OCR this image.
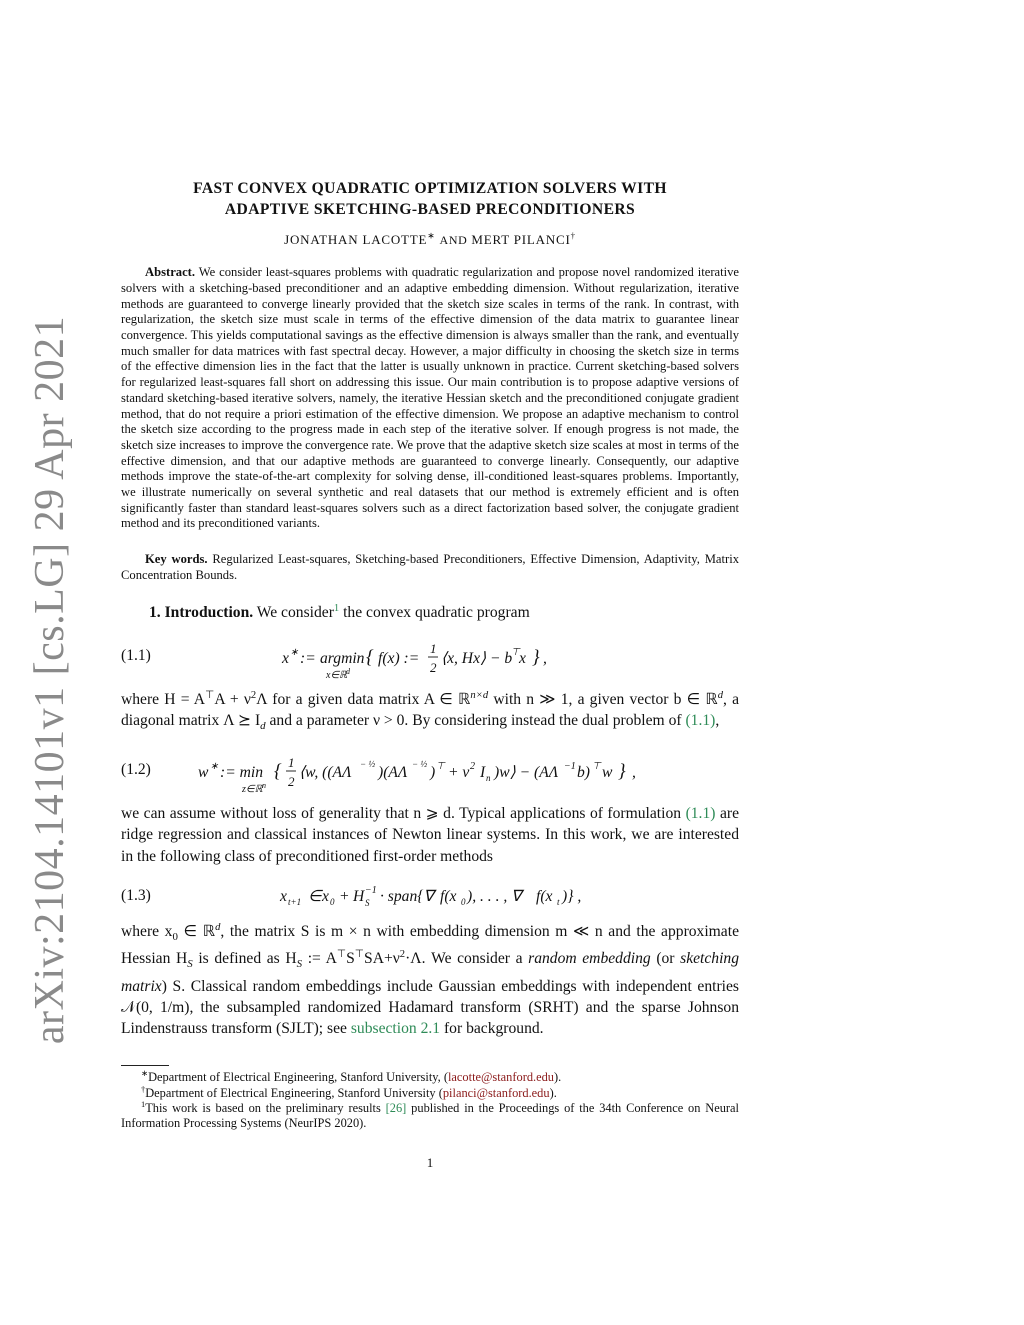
arXiv:2104.14101v1 [cs.LG] 29 Apr 2021
FAST CONVEX QUADRATIC OPTIMIZATION SOLVERS WITH
ADAPTIVE SKETCHING-BASED PRECONDITIONERS
JONATHAN LACOTTE∗ AND MERT PILANCI†
Abstract. We consider least-squares problems with quadratic regularization and propose novel randomized iterative solvers with a sketching-based preconditioner and an adaptive embedding dimension. Without regularization, iterative methods are guaranteed to converge linearly provided that the sketch size scales in terms of the rank. In contrast, with regularization, the sketch size must scale in terms of the effective dimension of the data matrix to guarantee linear convergence. This yields computational savings as the effective dimension is always smaller than the rank, and eventually much smaller for data matrices with fast spectral decay. However, a major difficulty in choosing the sketch size in terms of the effective dimension lies in the fact that the latter is usually unknown in practice. Current sketching-based solvers for regularized least-squares fall short on addressing this issue. Our main contribution is to propose adaptive versions of standard sketching-based iterative solvers, namely, the iterative Hessian sketch and the preconditioned conjugate gradient method, that do not require a priori estimation of the effective dimension. We propose an adaptive mechanism to control the sketch size according to the progress made in each step of the iterative solver. If enough progress is not made, the sketch size increases to improve the convergence rate. We prove that the adaptive sketch size scales at most in terms of the effective dimension, and that our adaptive methods are guaranteed to converge linearly. Consequently, our adaptive methods improve the state-of-the-art complexity for solving dense, ill-conditioned least-squares problems. Importantly, we illustrate numerically on several synthetic and real datasets that our method is extremely efficient and is often significantly faster than standard least-squares solvers such as a direct factorization based solver, the conjugate gradient method and its preconditioned variants.
Key words. Regularized Least-squares, Sketching-based Preconditioners, Effective Dimension, Adaptivity, Matrix Concentration Bounds.
1. Introduction. We consider$^1$ the convex quadratic program
(1.1)	x ∗ := argmin
x∈ℝ
d
{ f(x) :=
1
2
⟨x, Hx⟩ − b
⊤ x } ,
where $H = A^⊤A + \nu^2\Lambda$ for a given data matrix A ∈ ℝ$^{n\times d}$ with n ≫ 1, a given vector b ∈ ℝ$^d$, a diagonal matrix Λ ⪰ $I_d$ and a parameter ν > 0. By considering instead the dual problem of (1.1),
(1.2)	w ∗ := min
z∈ℝ n
{ 1
2
⟨w, ((AΛ − ½ )(AΛ − ½ ) ⊤ + ν 2 I n )w⟩ − (AΛ −1 b) ⊤ w } ,
we can assume without loss of generality that n ⩾ d. Typical applications of formulation (1.1) are ridge regression and classical instances of Newton linear systems. In this work, we are interested in the following class of preconditioned first-order methods
(1.3)	x t+1 ∈ x 0 + H −1
S · span{∇ f(x 0 ), . . . , ∇ f(x t )} ,
where $x_0$ ∈ ℝ$^d$, the matrix S is m × n with embedding dimension m ≪ n and the approximate Hessian $H_S$ is defined as $H_S$ := $A^⊤S^⊤SA+\nu^2\cdot\Lambda$. We consider a random embedding (or sketching matrix) S. Classical random embeddings include Gaussian embeddings with independent entries 𝒩(0, 1/m), the subsampled randomized Hadamard transform (SRHT) and the sparse Johnson Lindenstrauss transform (SJLT); see subsection 2.1 for background.
∗Department of Electrical Engineering, Stanford University, (lacotte@stanford.edu).
†Department of Electrical Engineering, Stanford University (pilanci@stanford.edu).
$^1$This work is based on the preliminary results [26] published in the Proceedings of the 34th Conference on Neural Information Processing Systems (NeurIPS 2020).
1
